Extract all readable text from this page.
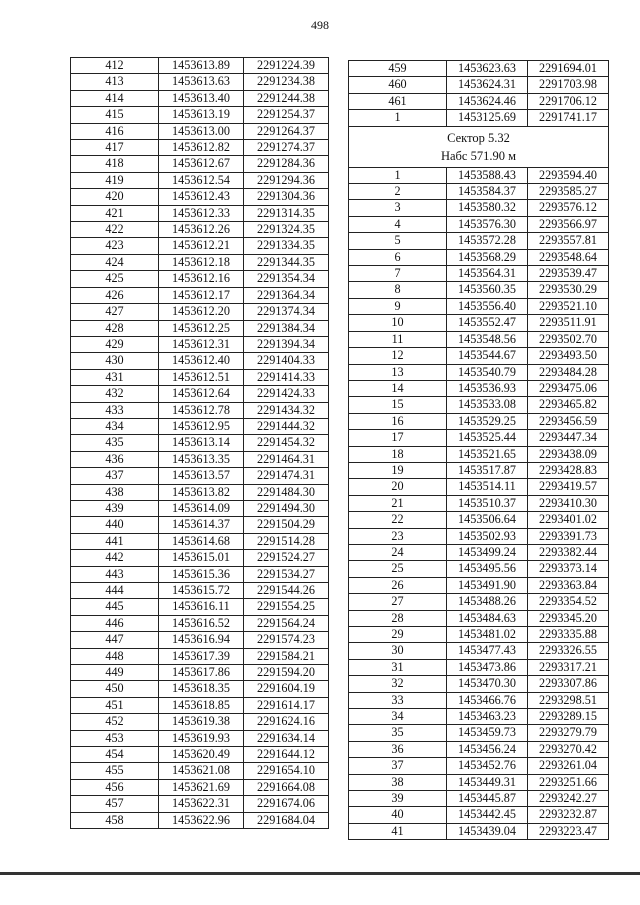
498
412	1453613.89	2291224.39
413	1453613.63	2291234.38
414	1453613.40	2291244.38
415	1453613.19	2291254.37
416	1453613.00	2291264.37
417	1453612.82	2291274.37
418	1453612.67	2291284.36
419	1453612.54	2291294.36
420	1453612.43	2291304.36
421	1453612.33	2291314.35
422	1453612.26	2291324.35
423	1453612.21	2291334.35
424	1453612.18	2291344.35
425	1453612.16	2291354.34
426	1453612.17	2291364.34
427	1453612.20	2291374.34
428	1453612.25	2291384.34
429	1453612.31	2291394.34
430	1453612.40	2291404.33
431	1453612.51	2291414.33
432	1453612.64	2291424.33
433	1453612.78	2291434.32
434	1453612.95	2291444.32
435	1453613.14	2291454.32
436	1453613.35	2291464.31
437	1453613.57	2291474.31
438	1453613.82	2291484.30
439	1453614.09	2291494.30
440	1453614.37	2291504.29
441	1453614.68	2291514.28
442	1453615.01	2291524.27
443	1453615.36	2291534.27
444	1453615.72	2291544.26
445	1453616.11	2291554.25
446	1453616.52	2291564.24
447	1453616.94	2291574.23
448	1453617.39	2291584.21
449	1453617.86	2291594.20
450	1453618.35	2291604.19
451	1453618.85	2291614.17
452	1453619.38	2291624.16
453	1453619.93	2291634.14
454	1453620.49	2291644.12
455	1453621.08	2291654.10
456	1453621.69	2291664.08
457	1453622.31	2291674.06
458	1453622.96	2291684.04
459	1453623.63	2291694.01
460	1453624.31	2291703.98
461	1453624.46	2291706.12
1	1453125.69	2291741.17

Сектор 5.32
Набс 571.90 м		

1	1453588.43	2293594.40
2	1453584.37	2293585.27
3	1453580.32	2293576.12
4	1453576.30	2293566.97
5	1453572.28	2293557.81
6	1453568.29	2293548.64
7	1453564.31	2293539.47
8	1453560.35	2293530.29
9	1453556.40	2293521.10
10	1453552.47	2293511.91
11	1453548.56	2293502.70
12	1453544.67	2293493.50
13	1453540.79	2293484.28
14	1453536.93	2293475.06
15	1453533.08	2293465.82
16	1453529.25	2293456.59
17	1453525.44	2293447.34
18	1453521.65	2293438.09
19	1453517.87	2293428.83
20	1453514.11	2293419.57
21	1453510.37	2293410.30
22	1453506.64	2293401.02
23	1453502.93	2293391.73
24	1453499.24	2293382.44
25	1453495.56	2293373.14
26	1453491.90	2293363.84
27	1453488.26	2293354.52
28	1453484.63	2293345.20
29	1453481.02	2293335.88
30	1453477.43	2293326.55
31	1453473.86	2293317.21
32	1453470.30	2293307.86
33	1453466.76	2293298.51
34	1453463.23	2293289.15
35	1453459.73	2293279.79
36	1453456.24	2293270.42
37	1453452.76	2293261.04
38	1453449.31	2293251.66
39	1453445.87	2293242.27
40	1453442.45	2293232.87
41	1453439.04	2293223.47
